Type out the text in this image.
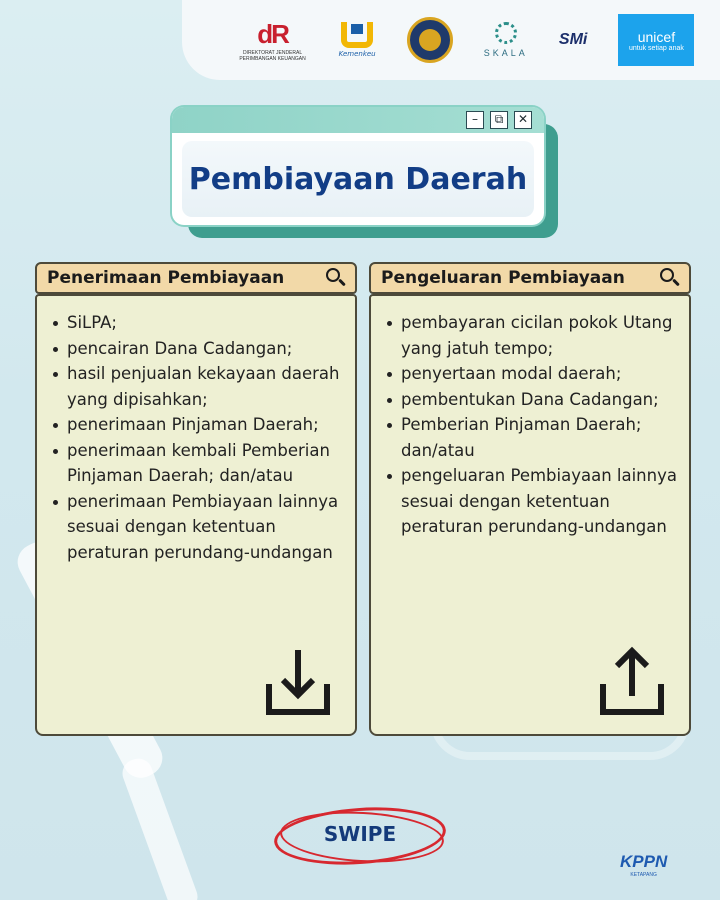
dR
DIREKTORAT JENDERAL PERIMBANGAN KEUANGAN
Kemenkeu	SKALA
SMi	unicef
untuk setiap anak
–	⧉	✕
Pembiayaan Daerah
Penerimaan Pembiayaan
SiLPA;
pencairan Dana Cadangan;
hasil penjualan kekayaan daerah yang dipisahkan;
penerimaan Pinjaman Daerah;
penerimaan kembali Pemberian Pinjaman Daerah; dan/atau
penerimaan Pembiayaan lainnya sesuai dengan ketentuan peraturan perundang-undangan
Pengeluaran Pembiayaan
pembayaran cicilan pokok Utang yang jatuh tempo;
penyertaan modal daerah;
pembentukan Dana Cadangan;
Pemberian Pinjaman Daerah; dan/atau
pengeluaran Pembiayaan lainnya sesuai dengan ketentuan peraturan perundang-undangan
SWIPE
KPPN
KETAPANG
